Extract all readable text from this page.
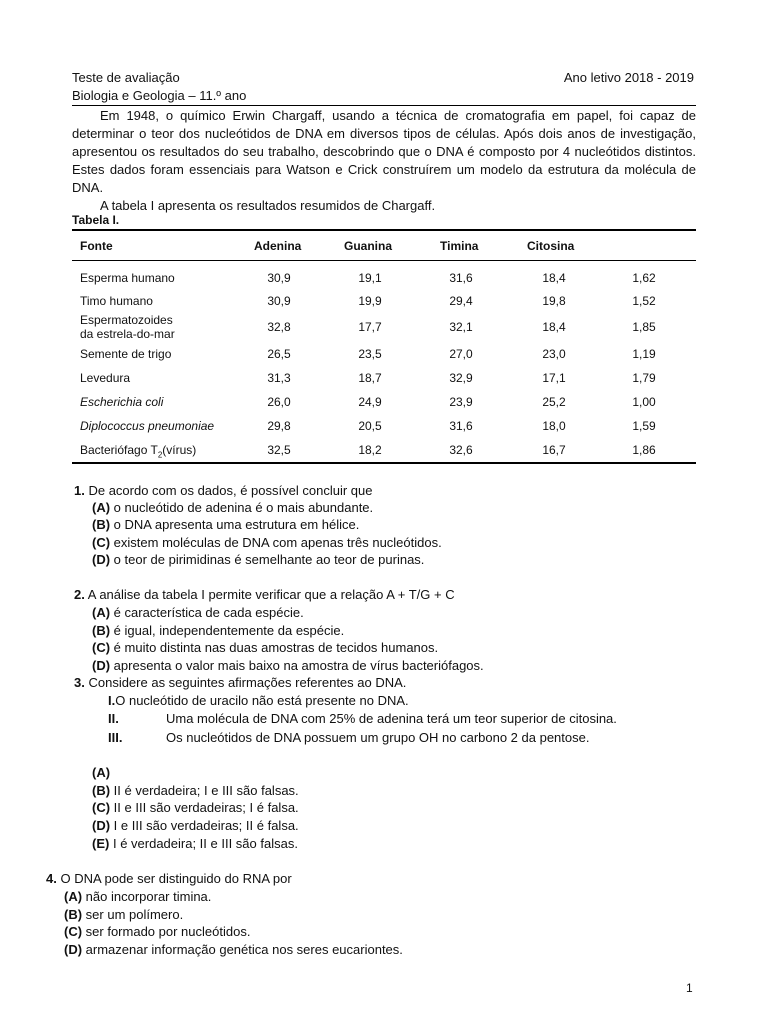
Teste de avaliação
Biologia e Geologia – 11.º ano
Ano letivo 2018 - 2019

Em 1948, o químico Erwin Chargaff, usando a técnica de cromatografia em papel, foi capaz de determinar o teor dos nucleótidos de DNA em diversos tipos de células. Após dois anos de investigação, apresentou os resultados do seu trabalho, descobrindo que o DNA é composto por 4 nucleótidos distintos. Estes dados foram essenciais para Watson e Crick construírem um modelo da estrutura da molécula de DNA.

A tabela I apresenta os resultados resumidos de Chargaff.

Tabela I.
Fonte	Adenina	Guanina	Timina	Citosina
Esperma humano	30,9	19,1	31,6	18,4	1,62
Timo humano	30,9	19,9	29,4	19,8	1,52
Espermatozoides
da estrela-do-mar	32,8	17,7	32,1	18,4	1,85
Semente de trigo	26,5	23,5	27,0	23,0	1,19
Levedura	31,3	18,7	32,9	17,1	1,79
Escherichia coli	26,0	24,9	23,9	25,2	1,00
Diplococcus pneumoniae	29,8	20,5	31,6	18,0	1,59
Bacteriófago $T_2(vírus)$	32,5	18,2	32,6	16,7	1,86
1. De acordo com os dados, é possível concluir que
(A) o nucleótido de adenina é o mais abundante.
(B) o DNA apresenta uma estrutura em hélice.
(C) existem moléculas de DNA com apenas três nucleótidos.
(D) o teor de pirimidinas é semelhante ao teor de purinas.
2. A análise da tabela I permite verificar que a relação A + T/G + C
(A) é característica de cada espécie.
(B) é igual, independentemente da espécie.
(C) é muito distinta nas duas amostras de tecidos humanos.
(D) apresenta o valor mais baixo na amostra de vírus bacteriófagos.
3. Considere as seguintes afirmações referentes ao DNA.
I.O nucleótido de uracilo não está presente no DNA.
II.	Uma molécula de DNA com 25% de adenina terá um teor superior de citosina.
III.	Os nucleótidos de DNA possuem um grupo OH no carbono 2 da pentose.
(A)
(B) II é verdadeira; I e III são falsas.
(C) II e III são verdadeiras; I é falsa.
(D) I e III são verdadeiras; II é falsa.
(E) I é verdadeira; II e III são falsas.
4. O DNA pode ser distinguido do RNA por
(A) não incorporar timina.
(B) ser um polímero.
(C) ser formado por nucleótidos.
(D) armazenar informação genética nos seres eucariontes.
1
